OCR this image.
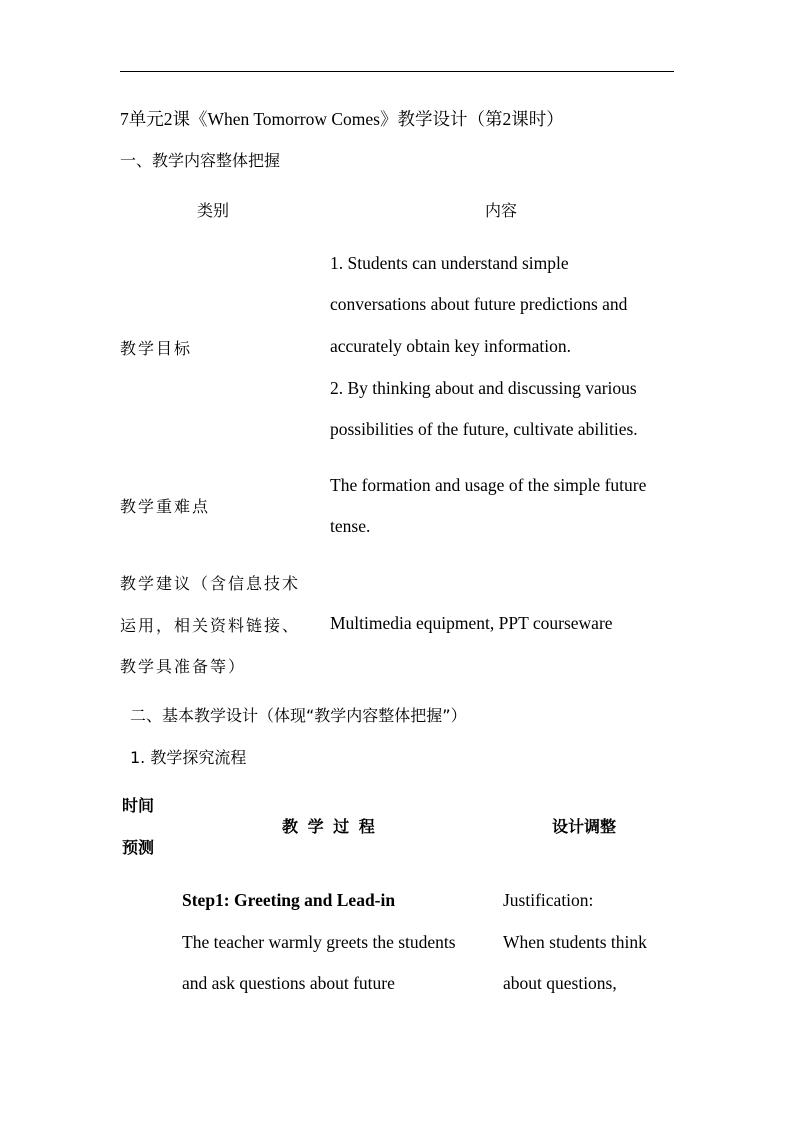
7单元2课《When Tomorrow Comes》教学设计（第2课时）
一、教学内容整体把握
类别	内容
教学目标
1. Students can understand simple
conversations about future predictions and
accurately obtain key information.
2. By thinking about and discussing various
possibilities of the future, cultivate abilities.
教学重难点
The formation and usage of the simple future
tense.
教学建议（含信息技术
运用，相关资料链接、
教学具准备等）
Multimedia equipment, PPT courseware
二、基本教学设计（体现“教学内容整体把握”）
1. 教学探究流程
时间
预测
教 学 过 程	设计调整
Step1: Greeting and Lead-in
The teacher warmly greets the students
and ask questions about future
Justification:
When students think
about questions,
